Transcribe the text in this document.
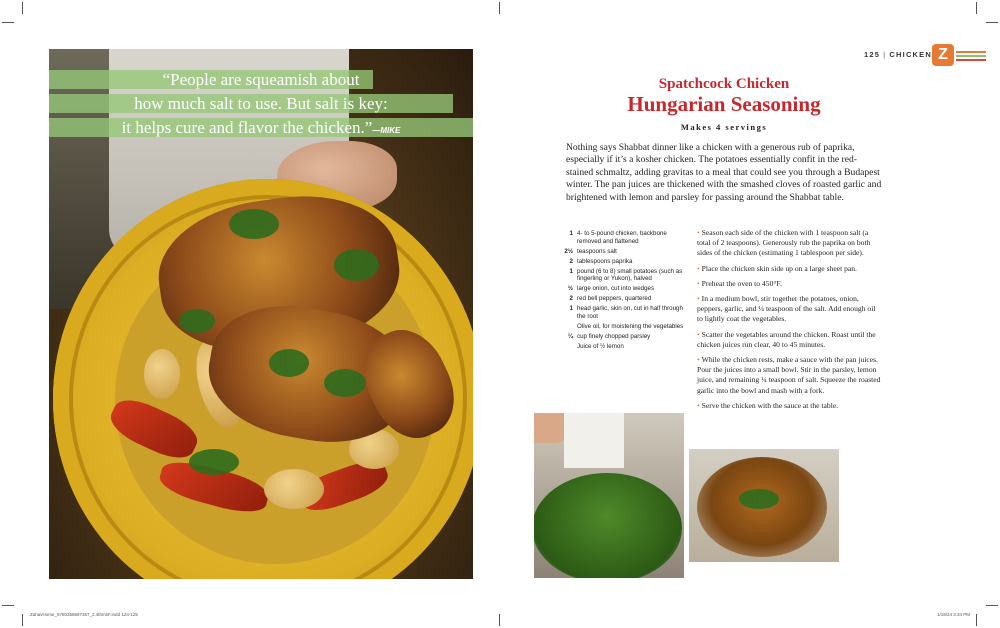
“People are squeamish about
how much salt to use. But salt is key:
it helps cure and flavor the chicken.”—MIKE
125 | CHICKEN Z
Spatchcock Chicken
Hungarian Seasoning
Makes 4 servings

Nothing says Shabbat dinner like a chicken with a generous rub of paprika, especially if it’s a kosher chicken. The potatoes essentially confit in the red-stained schmaltz, adding gravitas to a meal that could see you through a Budapest winter. The pan juices are thickened with the smashed cloves of roasted garlic and brightened with lemon and parsley for passing around the Shabbat table.

1 4- to 5-pound chicken, backbone removed and flattened
2½ teaspoons salt
2 tablespoons paprika
1 pound (6 to 8) small potatoes (such as fingerling or Yukon), halved
½ large onion, cut into wedges
2 red bell peppers, quartered
1 head garlic, skin on, cut in half through the root
Olive oil, for moistening the vegetables
¼ cup finely chopped parsley
Juice of ½ lemon
• Season each side of the chicken with 1 teaspoon salt (a total of 2 teaspoons). Generously rub the paprika on both sides of the chicken (estimating 1 tablespoon per side).
• Place the chicken skin side up on a large sheet pan.
• Preheat the oven to 450°F.
• In a medium bowl, stir together the potatoes, onion, peppers, garlic, and ¼ teaspoon of the salt. Add enough oil to lightly coat the vegetables.
• Scatter the vegetables around the chicken. Roast until the chicken juices run clear, 40 to 45 minutes.
• While the chicken rests, make a sauce with the pan juices. Pour the juices into a small bowl. Stir in the parsley, lemon juice, and remaining ¼ teaspoon of salt. Squeeze the roasted garlic into the bowl and mash with a fork.
• Serve the chicken with the sauce at the table.
ZahavHome_9780358697367_2.4thmsF.indd 124-125	1/19/24 3:34 PM
